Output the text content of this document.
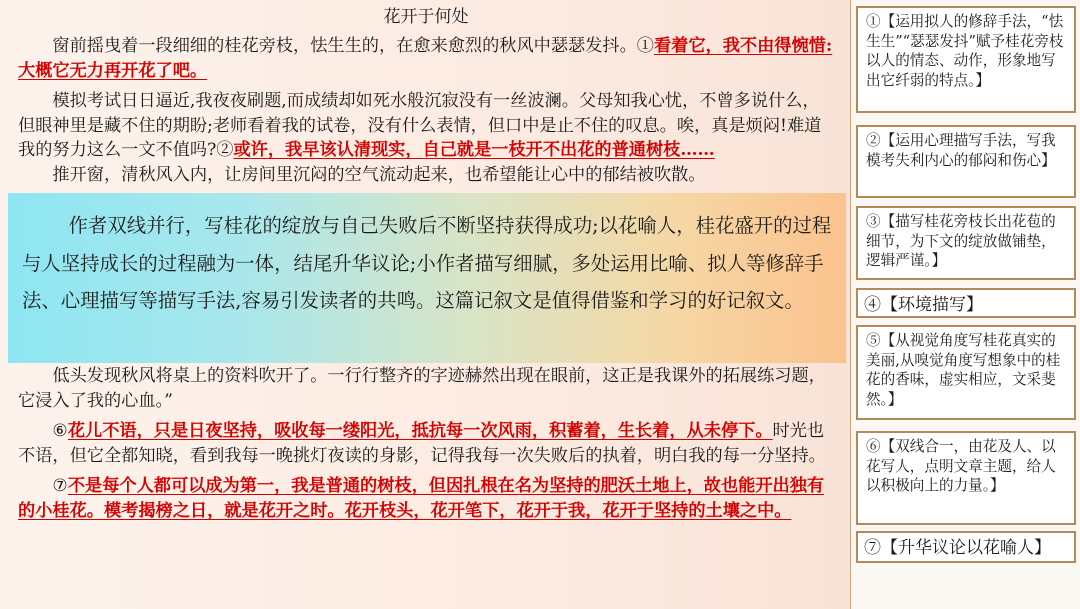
花开于何处

窗前摇曳着一段细细的桂花旁枝，怯生生的，在愈来愈烈的秋风中瑟瑟发抖。①看着它，我不由得惋惜:大概它无力再开花了吧。

模拟考试日日逼近,我夜夜刷题,而成绩却如死水般沉寂没有一丝波澜。父母知我心忧，不曾多说什么，但眼神里是藏不住的期盼;老师看着我的试卷，没有什么表情，但口中是止不住的叹息。唉，真是烦闷!难道我的努力这么一文不值吗?②或许，我早该认清现实，自己就是一枝开不出花的普通树枝……

推开窗，清秋风入内，让房间里沉闷的空气流动起来，也希望能让心中的郁结被吹散。

低头发现秋风将桌上的资料吹开了。一行行整齐的字迹赫然出现在眼前，这正是我课外的拓展练习题，它浸入了我的心血。”

⑥花儿不语，只是日夜坚持，吸收每一缕阳光，抵抗每一次风雨，积蓄着，生长着，从未停下。时光也不语，但它全都知晓，看到我每一晚挑灯夜读的身影，记得我每一次失败后的执着，明白我的每一分坚持。

⑦不是每个人都可以成为第一，我是普通的树枝，但因扎根在名为坚持的肥沃土地上，故也能开出独有的小桂花。模考揭榜之日，就是花开之时。花开枝头，花开笔下，花开于我，花开于坚持的土壤之中。

作者双线并行，写桂花的绽放与自己失败后不断坚持获得成功;以花喻人，桂花盛开的过程与人坚持成长的过程融为一体，结尾升华议论;小作者描写细腻，多处运用比喻、拟人等修辞手法、心理描写等描写手法,容易引发读者的共鸣。这篇记叙文是值得借鉴和学习的好记叙文。
①【运用拟人的修辞手法，“怯生生”“瑟瑟发抖”赋予桂花旁枝以人的情态、动作，形象地写出它纤弱的特点。】
②【运用心理描写手法，写我模考失利内心的郁闷和伤心】
③【描写桂花旁枝长出花苞的细节，为下文的绽放做铺垫，逻辑严谨。】
④【环境描写】
⑤【从视觉角度写桂花真实的美丽,从嗅觉角度写想象中的桂花的香味，虚实相应，文采斐然。】
⑥【双线合一，由花及人、以花写人，点明文章主题，给人以积极向上的力量。】
⑦【升华议论以花喻人】
